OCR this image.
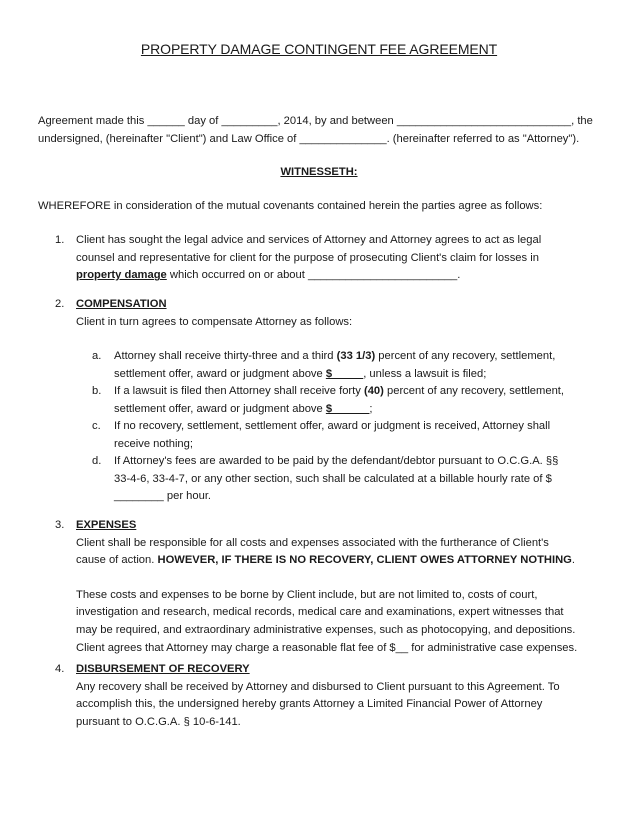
PROPERTY DAMAGE CONTINGENT FEE AGREEMENT
Agreement made this ______ day of _________, 2014, by and between ____________________________, the
undersigned, (hereinafter "Client") and Law Office of ______________. (hereinafter referred to as "Attorney").
WITNESSETH:
WHEREFORE in consideration of the mutual covenants contained herein the parties agree as follows:
1. Client has sought the legal advice and services of Attorney and Attorney agrees to act as legal
counsel and representative for client for the purpose of prosecuting Client's claim for losses in
property damage which occurred on or about ________________________.
2. COMPENSATION
Client in turn agrees to compensate Attorney as follows:
a. Attorney shall receive thirty-three and a third (33 1/3) percent of any recovery, settlement,
settlement offer, award or judgment above $_____, unless a lawsuit is filed;
b. If a lawsuit is filed then Attorney shall receive forty (40) percent of any recovery, settlement,
settlement offer, award or judgment above $______;
c. If no recovery, settlement, settlement offer, award or judgment is received, Attorney shall
receive nothing;
d. If Attorney's fees are awarded to be paid by the defendant/debtor pursuant to O.C.G.A. §§
33-4-6, 33-4-7, or any other section, such shall be calculated at a billable hourly rate of $
________ per hour.
3. EXPENSES
Client shall be responsible for all costs and expenses associated with the furtherance of Client's
cause of action. HOWEVER, IF THERE IS NO RECOVERY, CLIENT OWES ATTORNEY NOTHING.
These costs and expenses to be borne by Client include, but are not limited to, costs of court,
investigation and research, medical records, medical care and examinations, expert witnesses that
may be required, and extraordinary administrative expenses, such as photocopying, and depositions.
Client agrees that Attorney may charge a reasonable flat fee of $__ for administrative case expenses.
4. DISBURSEMENT OF RECOVERY
Any recovery shall be received by Attorney and disbursed to Client pursuant to this Agreement. To
accomplish this, the undersigned hereby grants Attorney a Limited Financial Power of Attorney
pursuant to O.C.G.A. § 10-6-141.
